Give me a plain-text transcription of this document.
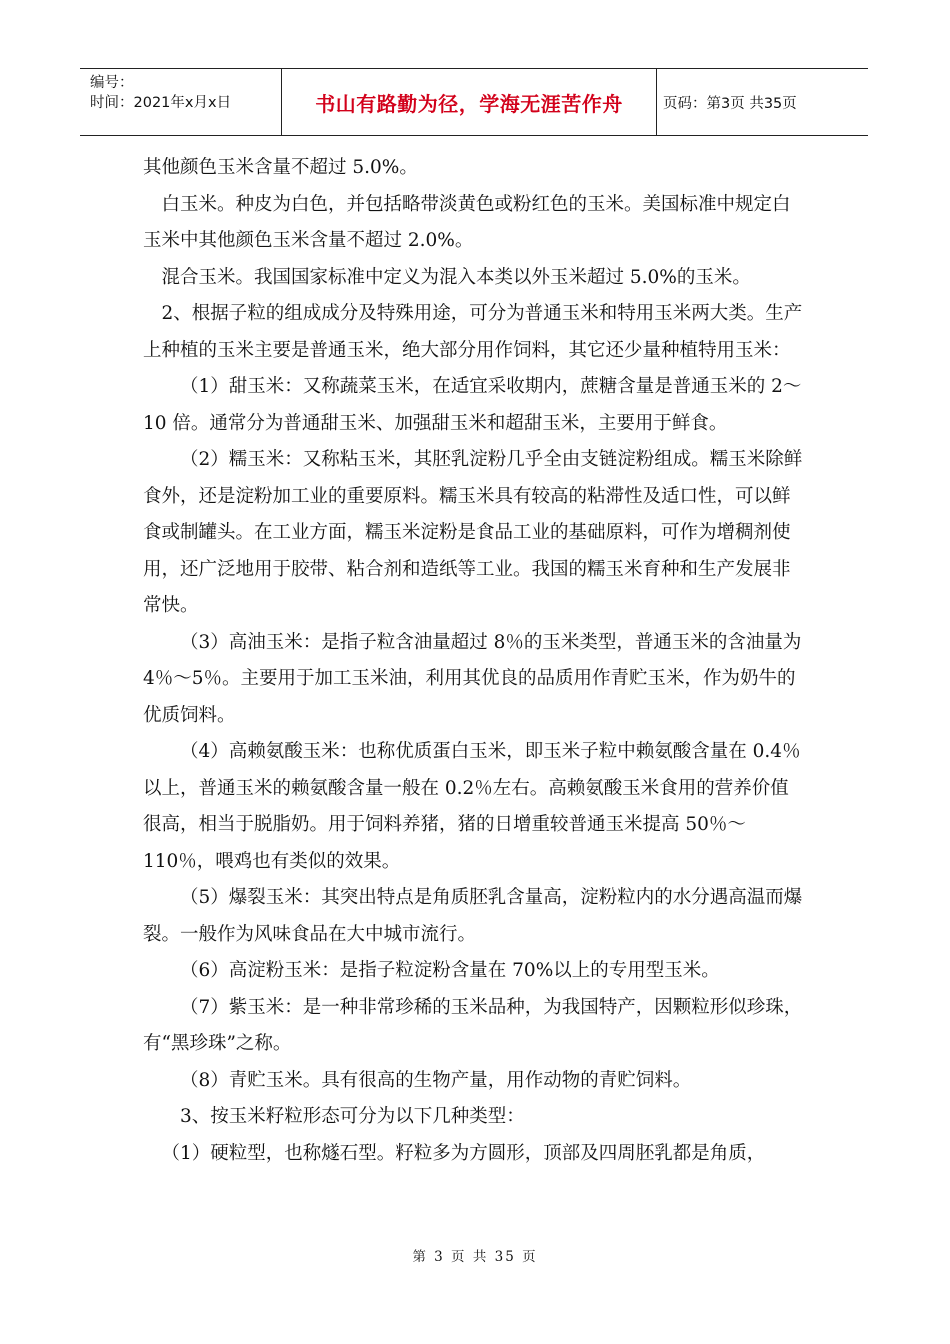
编号：
时间：2021年x月x日	书山有路勤为径，学海无涯苦作舟	页码：第3页 共35页

其他颜色玉米含量不超过 5.0%。

白玉米。种皮为白色，并包括略带淡黄色或粉红色的玉米。美国标准中规定白玉米中其他颜色玉米含量不超过 2.0%。

混合玉米。我国国家标准中定义为混入本类以外玉米超过 5.0%的玉米。

2、根据子粒的组成成分及特殊用途，可分为普通玉米和特用玉米两大类。生产上种植的玉米主要是普通玉米，绝大部分用作饲料，其它还少量种植特用玉米：

（1）甜玉米：又称蔬菜玉米，在适宜采收期内，蔗糖含量是普通玉米的 2～10 倍。通常分为普通甜玉米、加强甜玉米和超甜玉米，主要用于鲜食。

（2）糯玉米：又称粘玉米，其胚乳淀粉几乎全由支链淀粉组成。糯玉米除鲜食外，还是淀粉加工业的重要原料。糯玉米具有较高的粘滞性及适口性，可以鲜食或制罐头。在工业方面，糯玉米淀粉是食品工业的基础原料，可作为增稠剂使用，还广泛地用于胶带、粘合剂和造纸等工业。我国的糯玉米育种和生产发展非常快。

（3）高油玉米：是指子粒含油量超过 8％的玉米类型，普通玉米的含油量为 4％～5％。主要用于加工玉米油，利用其优良的品质用作青贮玉米，作为奶牛的优质饲料。

（4）高赖氨酸玉米：也称优质蛋白玉米，即玉米子粒中赖氨酸含量在 0.4％以上，普通玉米的赖氨酸含量一般在 0.2％左右。高赖氨酸玉米食用的营养价值很高，相当于脱脂奶。用于饲料养猪，猪的日增重较普通玉米提高 50％～110％，喂鸡也有类似的效果。

（5）爆裂玉米：其突出特点是角质胚乳含量高，淀粉粒内的水分遇高温而爆裂。一般作为风味食品在大中城市流行。

（6）高淀粉玉米：是指子粒淀粉含量在 70%以上的专用型玉米。

（7）紫玉米：是一种非常珍稀的玉米品种，为我国特产，因颗粒形似珍珠，有“黑珍珠”之称。

（8）青贮玉米。具有很高的生物产量，用作动物的青贮饲料。

3、按玉米籽粒形态可分为以下几种类型：

（1）硬粒型，也称燧石型。籽粒多为方圆形，顶部及四周胚乳都是角质，

第 3 页 共 35 页
